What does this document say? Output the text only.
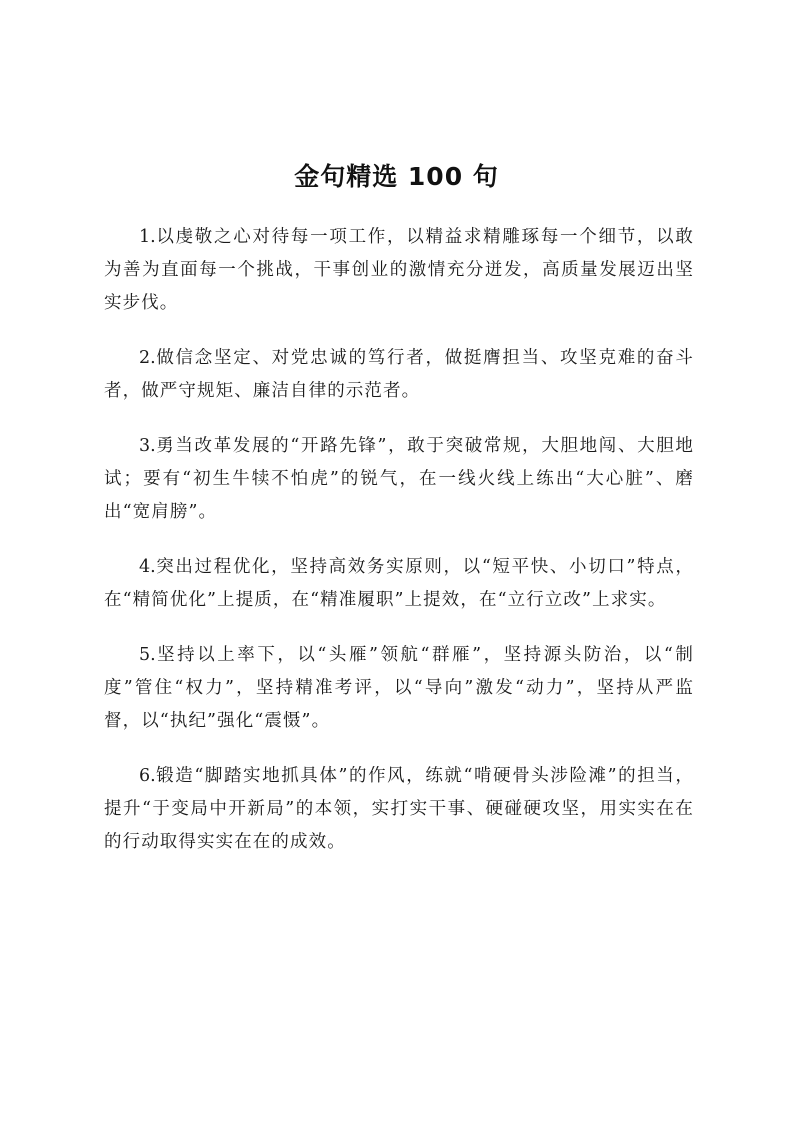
金句精选 100 句

1.以虔敬之心对待每一项工作，以精益求精雕琢每一个细节，以敢为善为直面每一个挑战，干事创业的激情充分迸发，高质量发展迈出坚实步伐。

2.做信念坚定、对党忠诚的笃行者，做挺膺担当、攻坚克难的奋斗者，做严守规矩、廉洁自律的示范者。

3.勇当改革发展的“开路先锋”，敢于突破常规，大胆地闯、大胆地试；要有“初生牛犊不怕虎”的锐气，在一线火线上练出“大心脏”、磨出“宽肩膀”。

4.突出过程优化，坚持高效务实原则，以“短平快、小切口”特点，在“精简优化”上提质，在“精准履职”上提效，在“立行立改”上求实。

5.坚持以上率下，以“头雁”领航“群雁”，坚持源头防治，以“制度”管住“权力”，坚持精准考评，以“导向”激发“动力”，坚持从严监督，以“执纪”强化“震慑”。

6.锻造“脚踏实地抓具体”的作风，练就“啃硬骨头涉险滩”的担当，提升“于变局中开新局”的本领，实打实干事、硬碰硬攻坚，用实实在在的行动取得实实在在的成效。
